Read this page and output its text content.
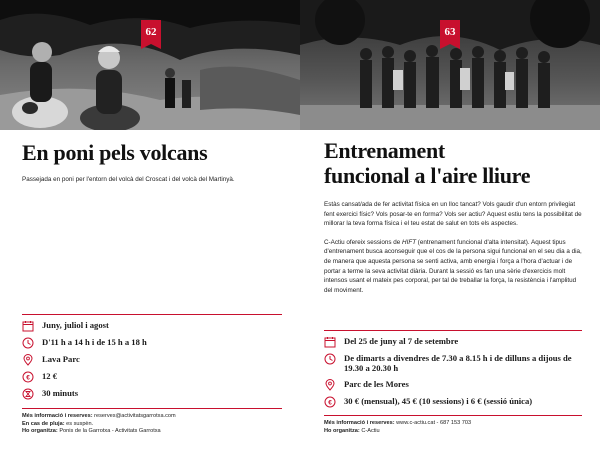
62
En poni pels volcans

Passejada en poni per l'entorn del volcà del Croscat i del volcà del Martinyà.

Juny, juliol i agost
D'11 h a 14 h i de 15 h a 18 h
Lava Parc
€ 12 €
30 minuts
Més informació i reserves: reserves@activitatsgarrotxa.com
En cas de pluja: es suspèn.
Ho organitza: Ponis de la Garrotxa - Activitats Garrotxa
63
Entrenament
funcional a l'aire lliure

Estàs cansat/ada de fer activitat física en un lloc tancat? Vols gaudir d'un entorn privilegiat fent exercici físic? Vols posar-te en forma? Vols ser actiu? Aquest estiu tens la possibilitat de millorar la teva forma física i el teu estat de salut en tots els aspectes.

C-Actiu ofereix sessions de HIFT (entrenament funcional d'alta intensitat). Aquest tipus d'entrenament busca aconseguir que el cos de la persona sigui funcional en el seu dia a dia, de manera que aquesta persona se senti activa, amb energia i força a l'hora d'actuar i de portar a terme la seva activitat diària. Durant la sessió es fan una sèrie d'exercicis molt intensos usant el mateix pes corporal, per tal de treballar la força, la resistència i l'amplitud del moviment.

Del 25 de juny al 7 de setembre
De dimarts a divendres de 7.30 a 8.15 h i de dilluns a dijous de 19.30 a 20.30 h
Parc de les Mores
€ 30 € (mensual), 45 € (10 sessions) i 6 € (sessió única)
Més informació i reserves: www.c-actiu.cat - 687 153 703
Ho organitza: C-Actiu
